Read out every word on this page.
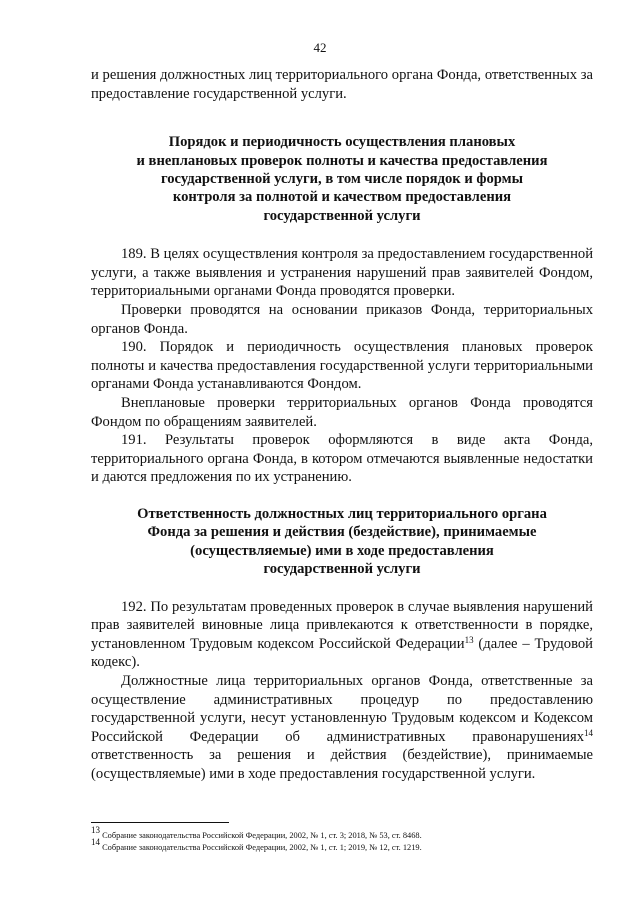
42

и решения должностных лиц территориального органа Фонда, ответственных за предоставление государственной услуги.

Порядок и периодичность осуществления плановых
и внеплановых проверок полноты и качества предоставления
государственной услуги, в том числе порядок и формы
контроля за полнотой и качеством предоставления
государственной услуги

189. В целях осуществления контроля за предоставлением государственной услуги, а также выявления и устранения нарушений прав заявителей Фондом, территориальными органами Фонда проводятся проверки.

Проверки проводятся на основании приказов Фонда, территориальных органов Фонда.

190. Порядок и периодичность осуществления плановых проверок полноты и качества предоставления государственной услуги территориальными органами Фонда устанавливаются Фондом.

Внеплановые проверки территориальных органов Фонда проводятся Фондом по обращениям заявителей.

191. Результаты проверок оформляются в виде акта Фонда, территориального органа Фонда, в котором отмечаются выявленные недостатки и даются предложения по их устранению.

Ответственность должностных лиц территориального органа
Фонда за решения и действия (бездействие), принимаемые
(осуществляемые) ими в ходе предоставления
государственной услуги

192. По результатам проведенных проверок в случае выявления нарушений прав заявителей виновные лица привлекаются к ответственности в порядке, установленном Трудовым кодексом Российской Федерации$^{13}$ (далее – Трудовой кодекс).

Должностные лица территориальных органов Фонда, ответственные за осуществление административных процедур по предоставлению государственной услуги, несут установленную Трудовым кодексом и Кодексом Российской Федерации об административных правонарушениях$^{14}$ ответственность за решения и действия (бездействие), принимаемые (осуществляемые) ими в ходе предоставления государственной услуги.

$^{13}$ Собрание законодательства Российской Федерации, 2002, № 1, ст. 3; 2018, № 53, ст. 8468.
$^{14}$ Собрание законодательства Российской Федерации, 2002, № 1, ст. 1; 2019, № 12, ст. 1219.
